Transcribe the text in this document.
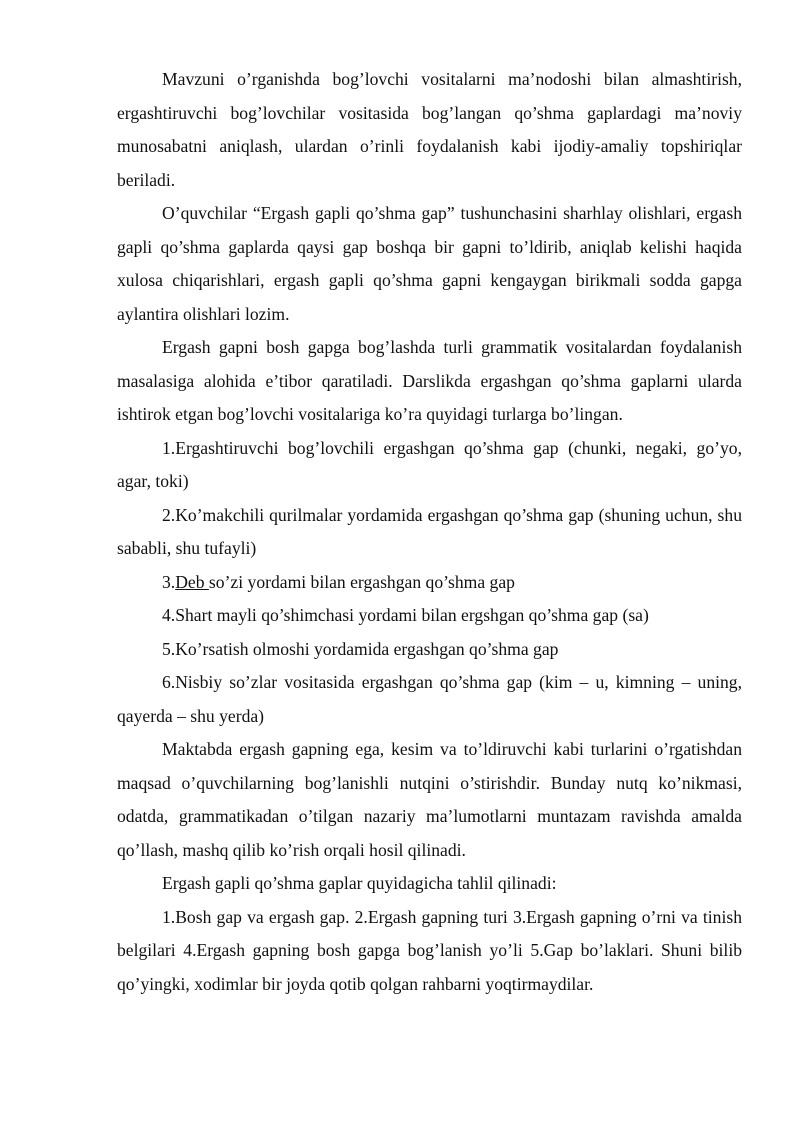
Mavzuni o’rganishda bog’lovchi vositalarni ma’nodoshi bilan almashtirish, ergashtiruvchi bog’lovchilar vositasida bog’langan qo’shma gaplardagi ma’noviy munosabatni aniqlash, ulardan o’rinli foydalanish kabi ijodiy-amaliy topshiriqlar beriladi.

O’quvchilar “Ergash gapli qo’shma gap” tushunchasini sharhlay olishlari, ergash gapli qo’shma gaplarda qaysi gap boshqa bir gapni to’ldirib, aniqlab kelishi haqida xulosa chiqarishlari, ergash gapli qo’shma gapni kengaygan birikmali sodda gapga aylantira olishlari lozim.

Ergash gapni bosh gapga bog’lashda turli grammatik vositalardan foydalanish masalasiga alohida e’tibor qaratiladi. Darslikda ergashgan qo’shma gaplarni ularda ishtirok etgan bog’lovchi vositalariga ko’ra quyidagi turlarga bo’lingan.

1.Ergashtiruvchi bog’lovchili ergashgan qo’shma gap (chunki, negaki, go’yo, agar, toki)

2.Ko’makchili qurilmalar yordamida ergashgan qo’shma gap (shuning uchun, shu sababli, shu tufayli)

3.Deb so’zi yordami bilan ergashgan qo’shma gap

4.Shart mayli qo’shimchasi yordami bilan ergshgan qo’shma gap (sa)

5.Ko’rsatish olmoshi yordamida ergashgan qo’shma gap

6.Nisbiy so’zlar vositasida ergashgan qo’shma gap (kim – u, kimning – uning, qayerda – shu yerda)

Maktabda ergash gapning ega, kesim va to’ldiruvchi kabi turlarini o’rgatishdan maqsad o’quvchilarning bog’lanishli nutqini o’stirishdir. Bunday nutq ko’nikmasi, odatda, grammatikadan o’tilgan nazariy ma’lumotlarni muntazam ravishda amalda qo’llash, mashq qilib ko’rish orqali hosil qilinadi.

Ergash gapli qo’shma gaplar quyidagicha tahlil qilinadi:

1.Bosh gap va ergash gap. 2.Ergash gapning turi 3.Ergash gapning o’rni va tinish belgilari 4.Ergash gapning bosh gapga bog’lanish yo’li 5.Gap bo’laklari. Shuni bilib qo’yingki, xodimlar bir joyda qotib qolgan rahbarni yoqtirmaydilar.
